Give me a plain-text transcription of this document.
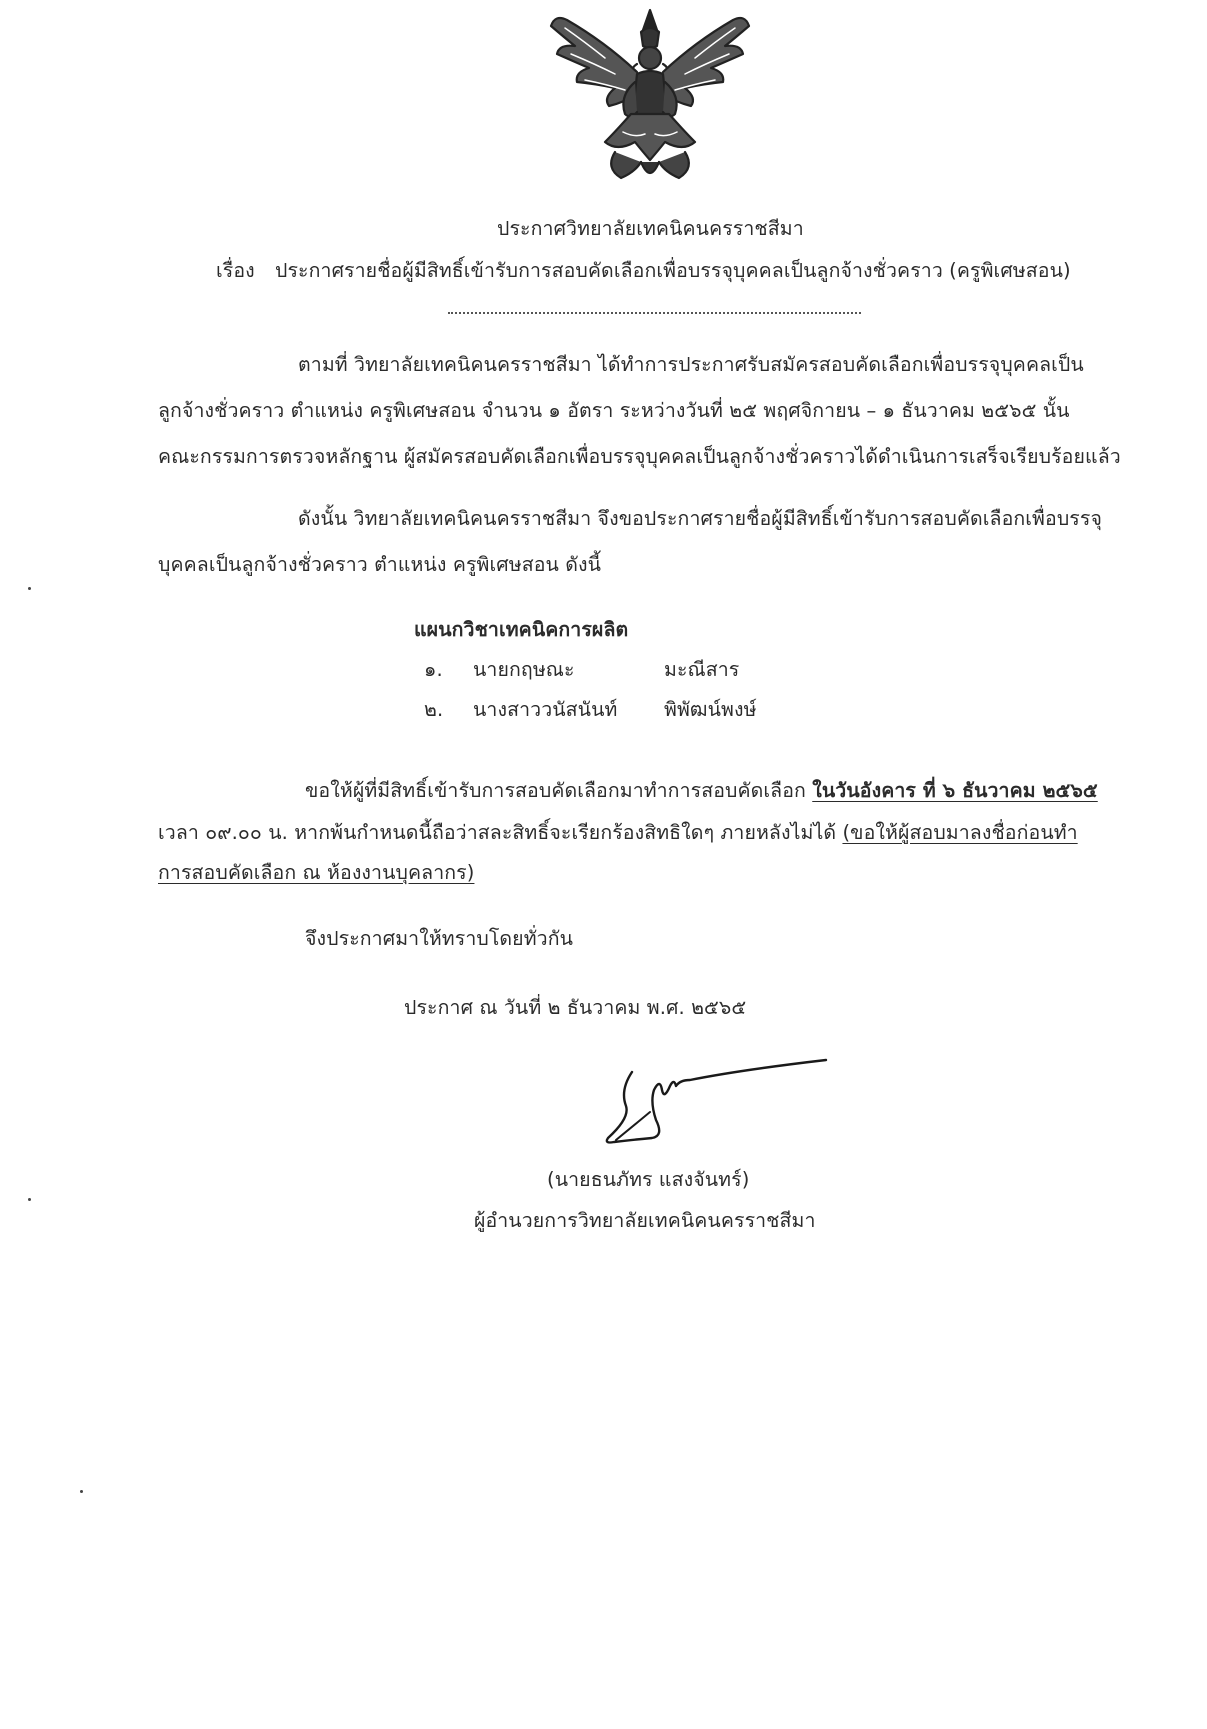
ประกาศวิทยาลัยเทคนิคนครราชสีมา
เรื่อง ประกาศรายชื่อผู้มีสิทธิ์เข้ารับการสอบคัดเลือกเพื่อบรรจุบุคคลเป็นลูกจ้างชั่วคราว (ครูพิเศษสอน)
ตามที่ วิทยาลัยเทคนิคนครราชสีมา ได้ทำการประกาศรับสมัครสอบคัดเลือกเพื่อบรรจุบุคคลเป็น
ลูกจ้างชั่วคราว ตำแหน่ง ครูพิเศษสอน จำนวน ๑ อัตรา ระหว่างวันที่ ๒๕ พฤศจิกายน – ๑ ธันวาคม ๒๕๖๕ นั้น
คณะกรรมการตรวจหลักฐาน ผู้สมัครสอบคัดเลือกเพื่อบรรจุบุคคลเป็นลูกจ้างชั่วคราวได้ดำเนินการเสร็จเรียบร้อยแล้ว
ดังนั้น วิทยาลัยเทคนิคนครราชสีมา จึงขอประกาศรายชื่อผู้มีสิทธิ์เข้ารับการสอบคัดเลือกเพื่อบรรจุ
บุคคลเป็นลูกจ้างชั่วคราว ตำแหน่ง ครูพิเศษสอน ดังนี้
แผนกวิชาเทคนิคการผลิต
๑. นายกฤษณะ	มะณีสาร
๒. นางสาววนัสนันท์ พิพัฒน์พงษ์
ขอให้ผู้ที่มีสิทธิ์เข้ารับการสอบคัดเลือกมาทำการสอบคัดเลือก ในวันอังคาร ที่ ๖ ธันวาคม ๒๕๖๕
เวลา ๐๙.๐๐ น. หากพ้นกำหนดนี้ถือว่าสละสิทธิ์จะเรียกร้องสิทธิใดๆ ภายหลังไม่ได้ (ขอให้ผู้สอบมาลงชื่อก่อนทำ
การสอบคัดเลือก ณ ห้องงานบุคลากร)
จึงประกาศมาให้ทราบโดยทั่วกัน
ประกาศ ณ วันที่ ๒ ธันวาคม พ.ศ. ๒๕๖๕
(นายธนภัทร แสงจันทร์)
ผู้อำนวยการวิทยาลัยเทคนิคนครราชสีมา
